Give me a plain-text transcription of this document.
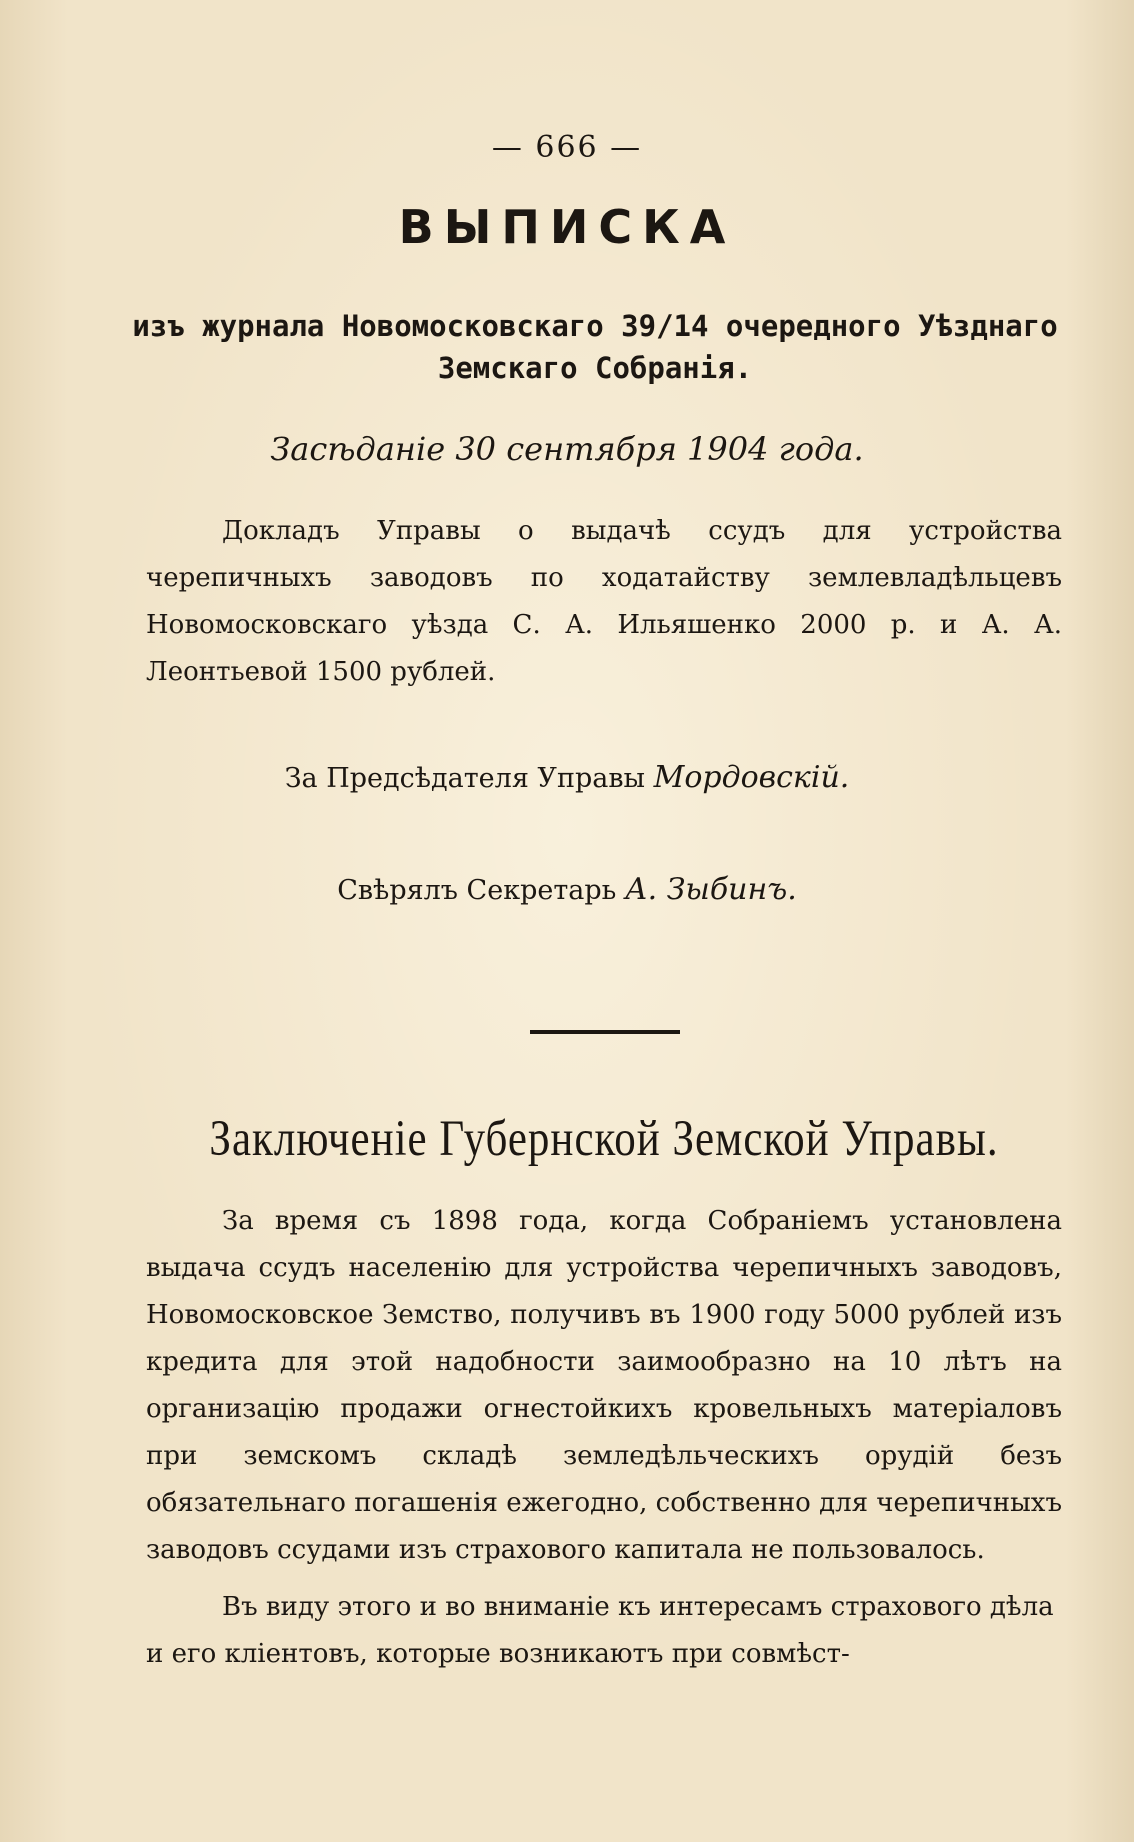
— 666 —
ВЫПИСКА
изъ журнала Новомосковскаго 39/14 очередного Уѣзднаго Земскаго Собранія.
Засѣданіе 30 сентября 1904 года.

Докладъ Управы о выдачѣ ссудъ для устройства черепичныхъ заводовъ по ходатайству землевладѣльцевъ Новомосковскаго уѣзда С. А. Ильяшенко 2000 р. и А. А. Леонтьевой 1500 рублей.

За Предсѣдателя Управы Мордовскій.
Свѣрялъ Секретарь А. Зыбинъ.
Заключеніе Губернской Земской Управы.

За время съ 1898 года, когда Собраніемъ установлена выдача ссудъ населенію для устройства черепичныхъ заводовъ, Новомосковское Земство, получивъ въ 1900 году 5000 рублей изъ кредита для этой надобности заимообразно на 10 лѣтъ на организацію продажи огнестойкихъ кровельныхъ матеріаловъ при земскомъ складѣ земледѣльческихъ орудій безъ обязательнаго погашенія ежегодно, собственно для черепичныхъ заводовъ ссудами изъ страхового капитала не пользовалось.

Въ виду этого и во вниманіе къ интересамъ страхового дѣла и его кліентовъ, которые возникаютъ при совмѣст-
